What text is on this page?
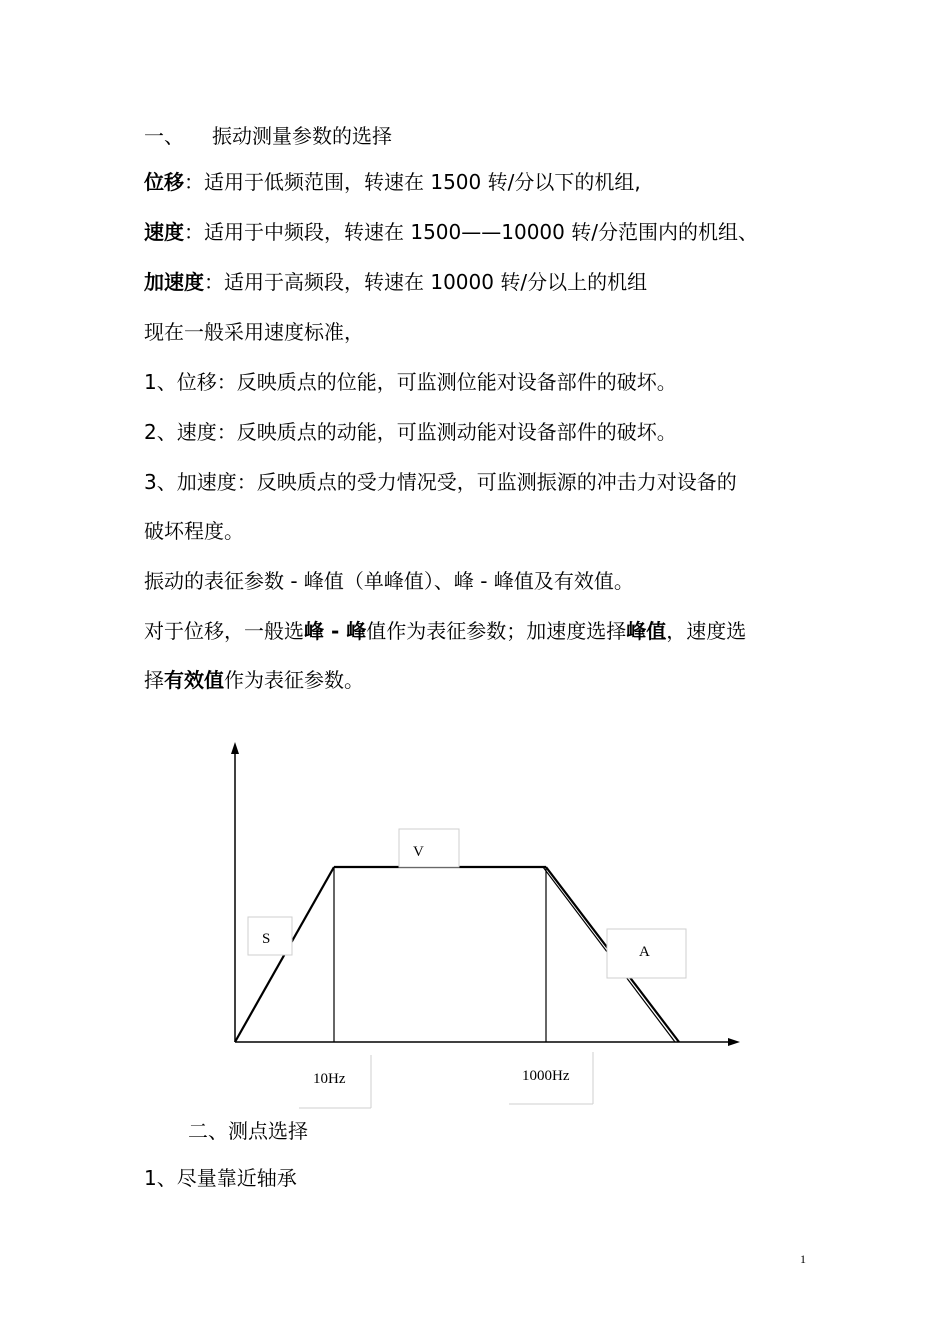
一、 振动测量参数的选择
位移：适用于低频范围，转速在 1500 转/分以下的机组,
速度：适用于中频段，转速在 1500——10000 转/分范围内的机组、
加速度：适用于高频段，转速在 10000 转/分以上的机组
现在一般采用速度标准，
1、位移：反映质点的位能，可监测位能对设备部件的破坏。
2、速度：反映质点的动能，可监测动能对设备部件的破坏。
3、加速度：反映质点的受力情况受，可监测振源的冲击力对设备的
破坏程度。
振动的表征参数 - 峰值（单峰值）、峰 - 峰值及有效值。
对于位移，一般选峰 - 峰值作为表征参数；加速度选择峰值，速度选
择有效值作为表征参数。
V
S
A
10Hz	1000Hz
二、测点选择
1、尽量靠近轴承
1
